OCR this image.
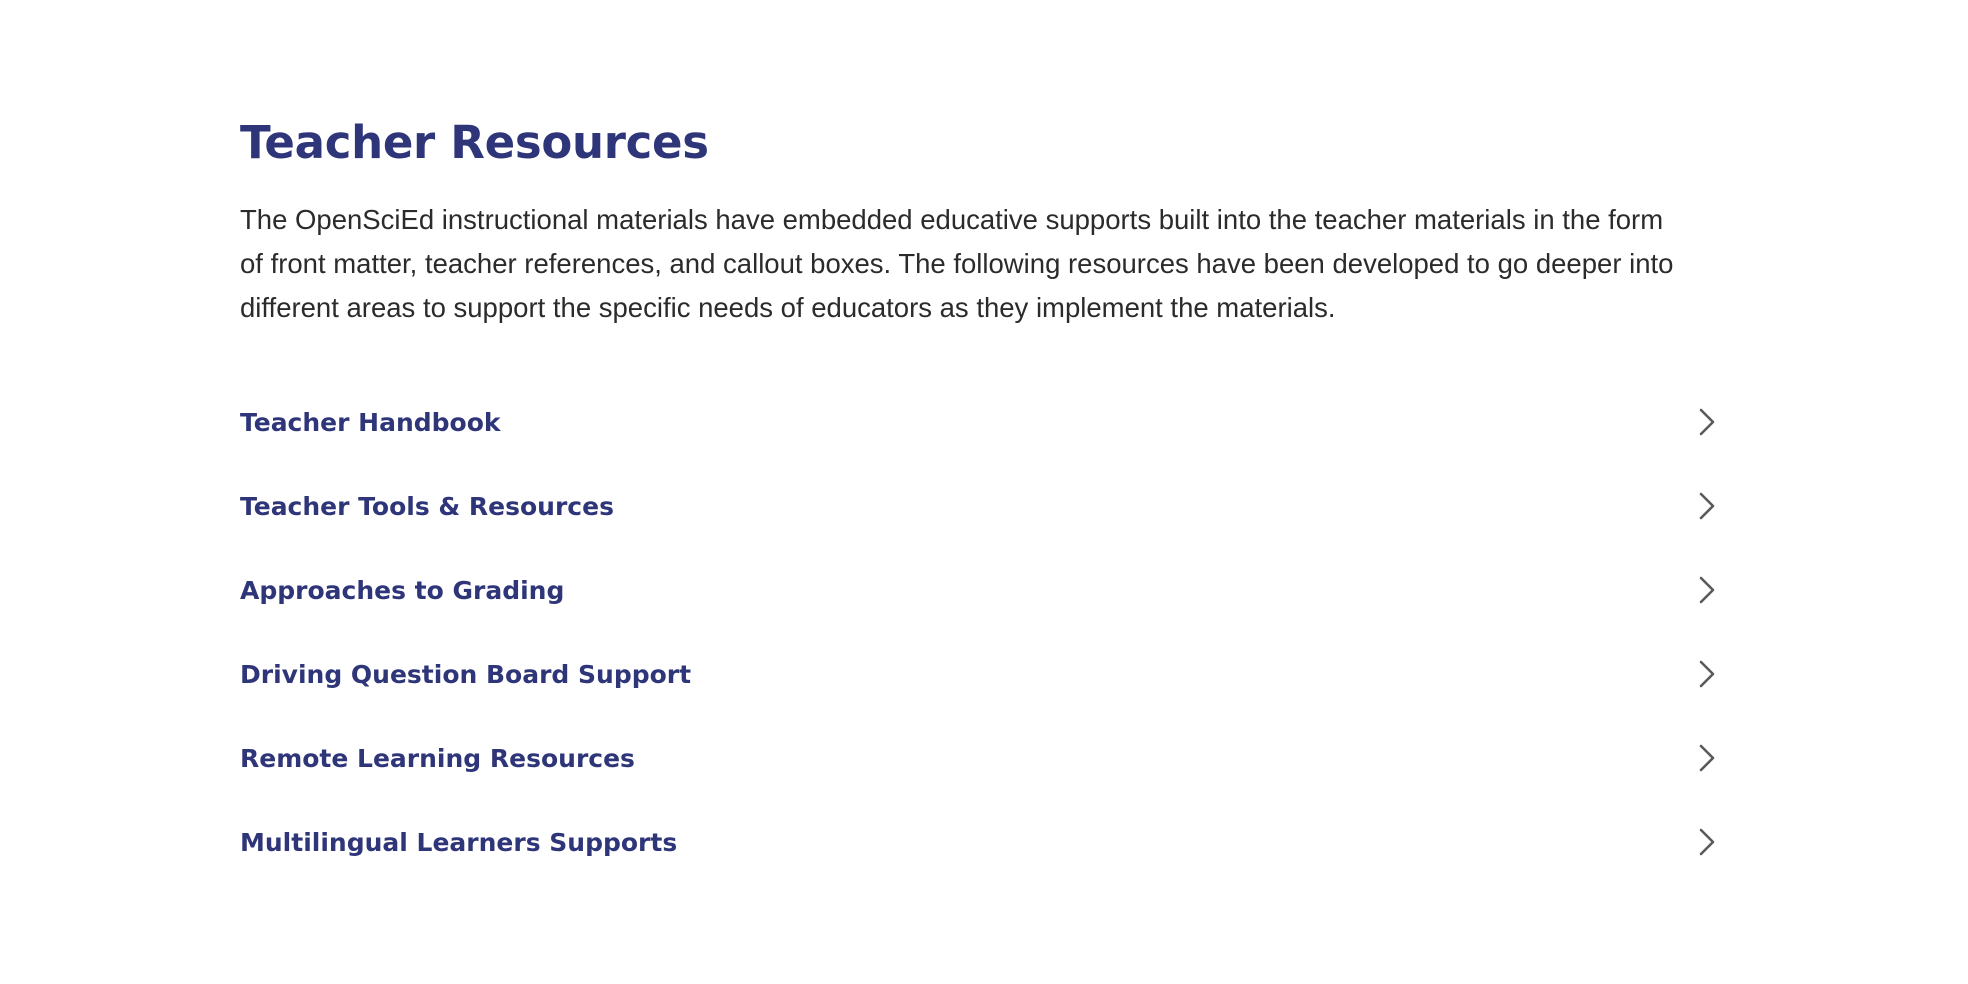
Teacher Resources

The OpenSciEd instructional materials have embedded educative supports built into the teacher materials in the form of front matter, teacher references, and callout boxes. The following resources have been developed to go deeper into different areas to support the specific needs of educators as they implement the materials.

Teacher Handbook
Teacher Tools & Resources
Approaches to Grading
Driving Question Board Support
Remote Learning Resources
Multilingual Learners Supports
